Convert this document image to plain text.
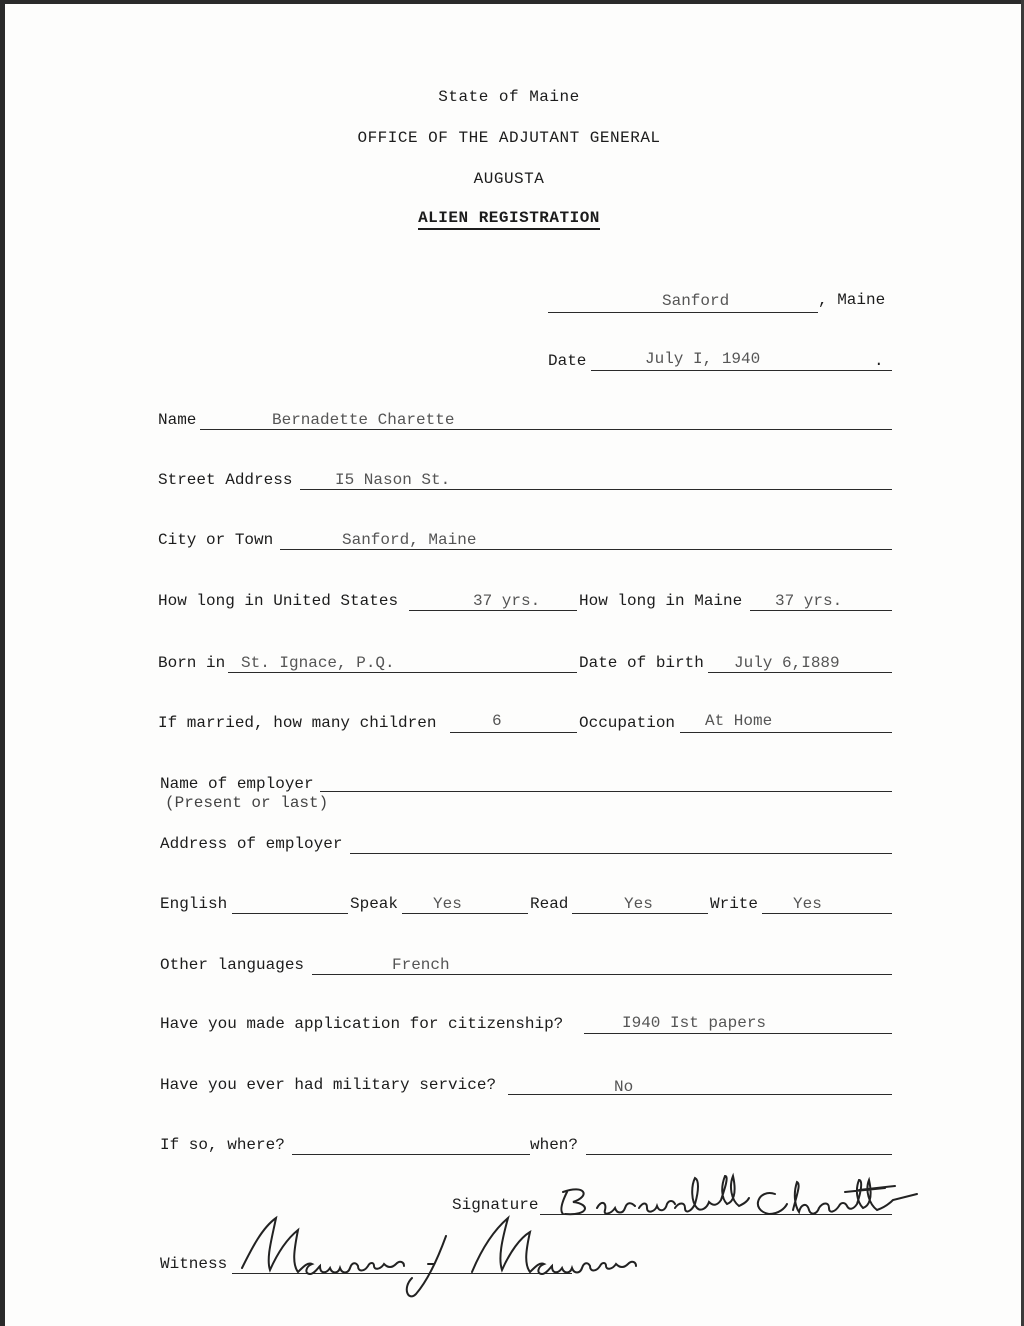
State of Maine
OFFICE OF THE ADJUTANT GENERAL
AUGUSTA
ALIEN REGISTRATION
Sanford	, Maine
Date	July I, 1940	.
Name	Bernadette Charette
Street Address	I5 Nason St.
City or Town	Sanford, Maine
How long in United States	37 yrs. How long in Maine 37 yrs.
Born in St. Ignace, P.Q.	Date of birth July 6,I889
If married, how many children	6	Occupation At Home
Name of employer
(Present or last)
Address of employer
English	Speak Yes	Read	Yes	Write Yes
Other languages	French
Have you made application for citizenship?	I940 Ist papers
Have you ever had military service?	No
If so, where?	when?
Signature
Witness
